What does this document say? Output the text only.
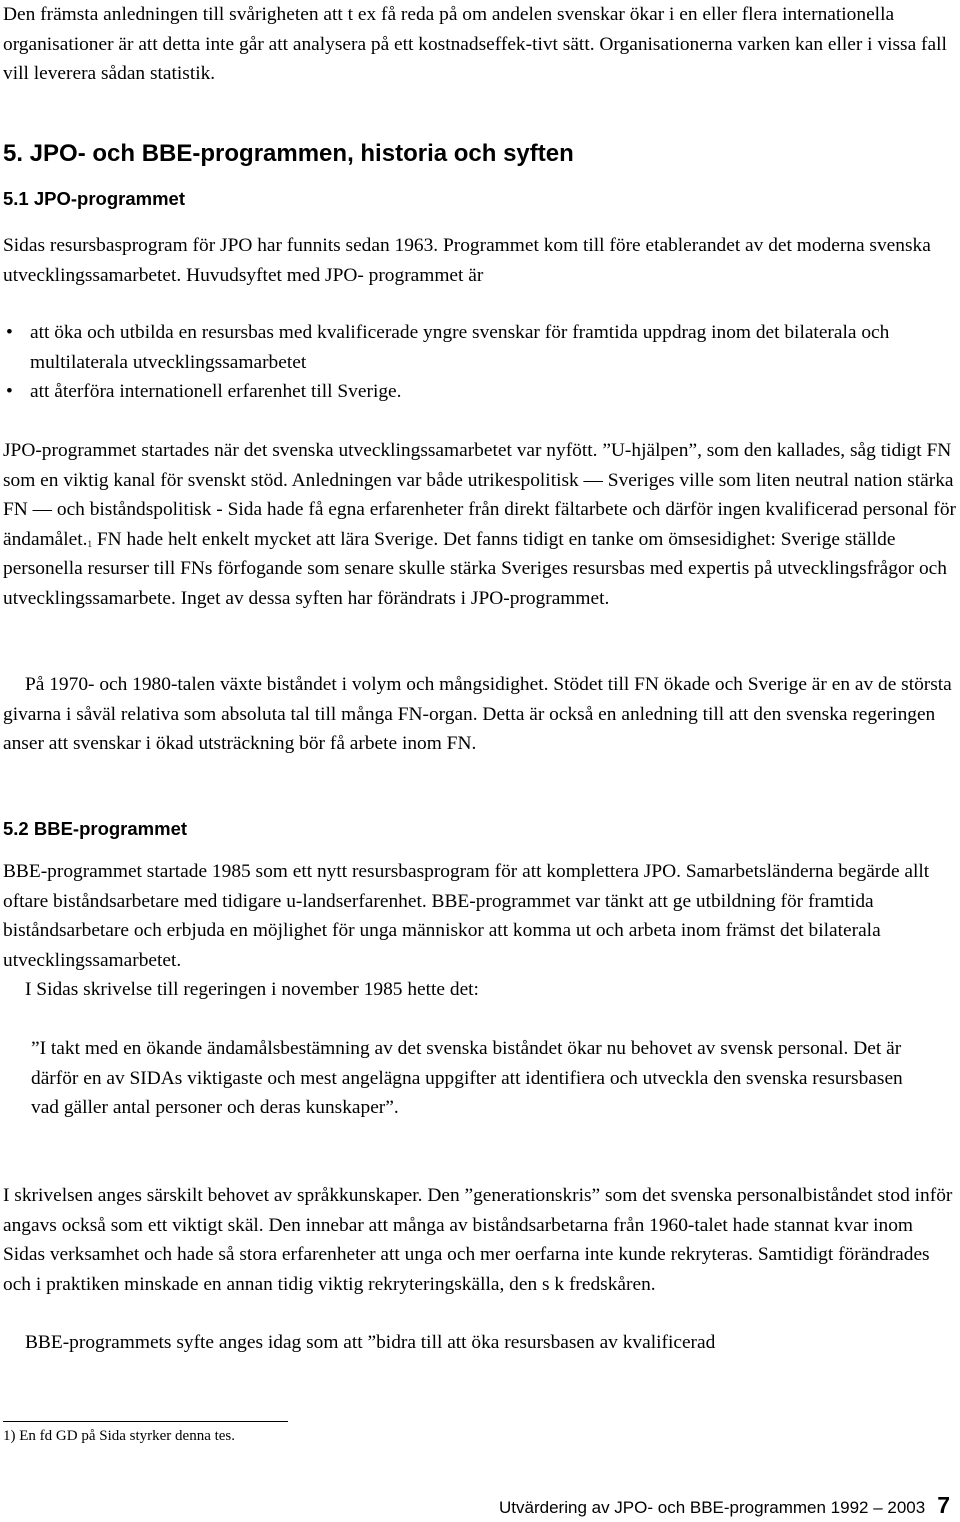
Den främsta anledningen till svårigheten att t ex få reda på om andelen svenskar ökar i en eller flera internationella organisationer är att detta inte går att analysera på ett kostnadseffek-tivt sätt. Organisationerna varken kan eller i vissa fall vill leverera sådan statistik.

5. JPO- och BBE-programmen, historia och syften
5.1 JPO-programmet

Sidas resursbasprogram för JPO har funnits sedan 1963. Programmet kom till före etablerandet av det moderna svenska utvecklingssamarbetet. Huvudsyftet med JPO- programmet är

• att öka och utbilda en resursbas med kvalificerade yngre svenskar för framtida uppdrag inom det bilaterala och multilaterala utvecklingssamarbetet
• att återföra internationell erfarenhet till Sverige.

JPO-programmet startades när det svenska utvecklingssamarbetet var nyfött. ”U-hjälpen”, som den kallades, såg tidigt FN som en viktig kanal för svenskt stöd. Anledningen var både utrikespolitisk — Sveriges ville som liten neutral nation stärka FN — och biståndspolitisk - Sida hade få egna erfarenheter från direkt fältarbete och därför ingen kvalificerad personal för ändamålet.$^1$ FN hade helt enkelt mycket att lära Sverige. Det fanns tidigt en tanke om ömsesidighet: Sverige ställde personella resurser till FNs förfogande som senare skulle stärka Sveriges resursbas med expertis på utvecklingsfrågor och utvecklingssamarbete. Inget av dessa syften har förändrats i JPO-programmet.

På 1970- och 1980-talen växte biståndet i volym och mångsidighet. Stödet till FN ökade och Sverige är en av de största givarna i såväl relativa som absoluta tal till många FN-organ. Detta är också en anledning till att den svenska regeringen anser att svenskar i ökad utsträckning bör få arbete inom FN.

5.2 BBE-programmet

BBE-programmet startade 1985 som ett nytt resursbasprogram för att komplettera JPO. Samarbetsländerna begärde allt oftare biståndsarbetare med tidigare u-landserfarenhet. BBE-programmet var tänkt att ge utbildning för framtida biståndsarbetare och erbjuda en möjlighet för unga människor att komma ut och arbeta inom främst det bilaterala utvecklingssamarbetet.

I Sidas skrivelse till regeringen i november 1985 hette det:

”I takt med en ökande ändamålsbestämning av det svenska biståndet ökar nu behovet av svensk personal. Det är därför en av SIDAs viktigaste och mest angelägna uppgifter att identifiera och utveckla den svenska resursbasen vad gäller antal personer och deras kunskaper”.

I skrivelsen anges särskilt behovet av språkkunskaper. Den ”generationskris” som det svenska personalbiståndet stod inför angavs också som ett viktigt skäl. Den innebar att många av biståndsarbetarna från 1960-talet hade stannat kvar inom Sidas verksamhet och hade så stora erfarenheter att unga och mer oerfarna inte kunde rekryteras. Samtidigt förändrades och i praktiken minskade en annan tidig viktig rekryteringskälla, den s k fredskåren.

BBE-programmets syfte anges idag som att ”bidra till att öka resursbasen av kvalificerad

1) En fd GD på Sida styrker denna tes.

Utvärdering av JPO- och BBE-programmen 1992 – 2003 7
